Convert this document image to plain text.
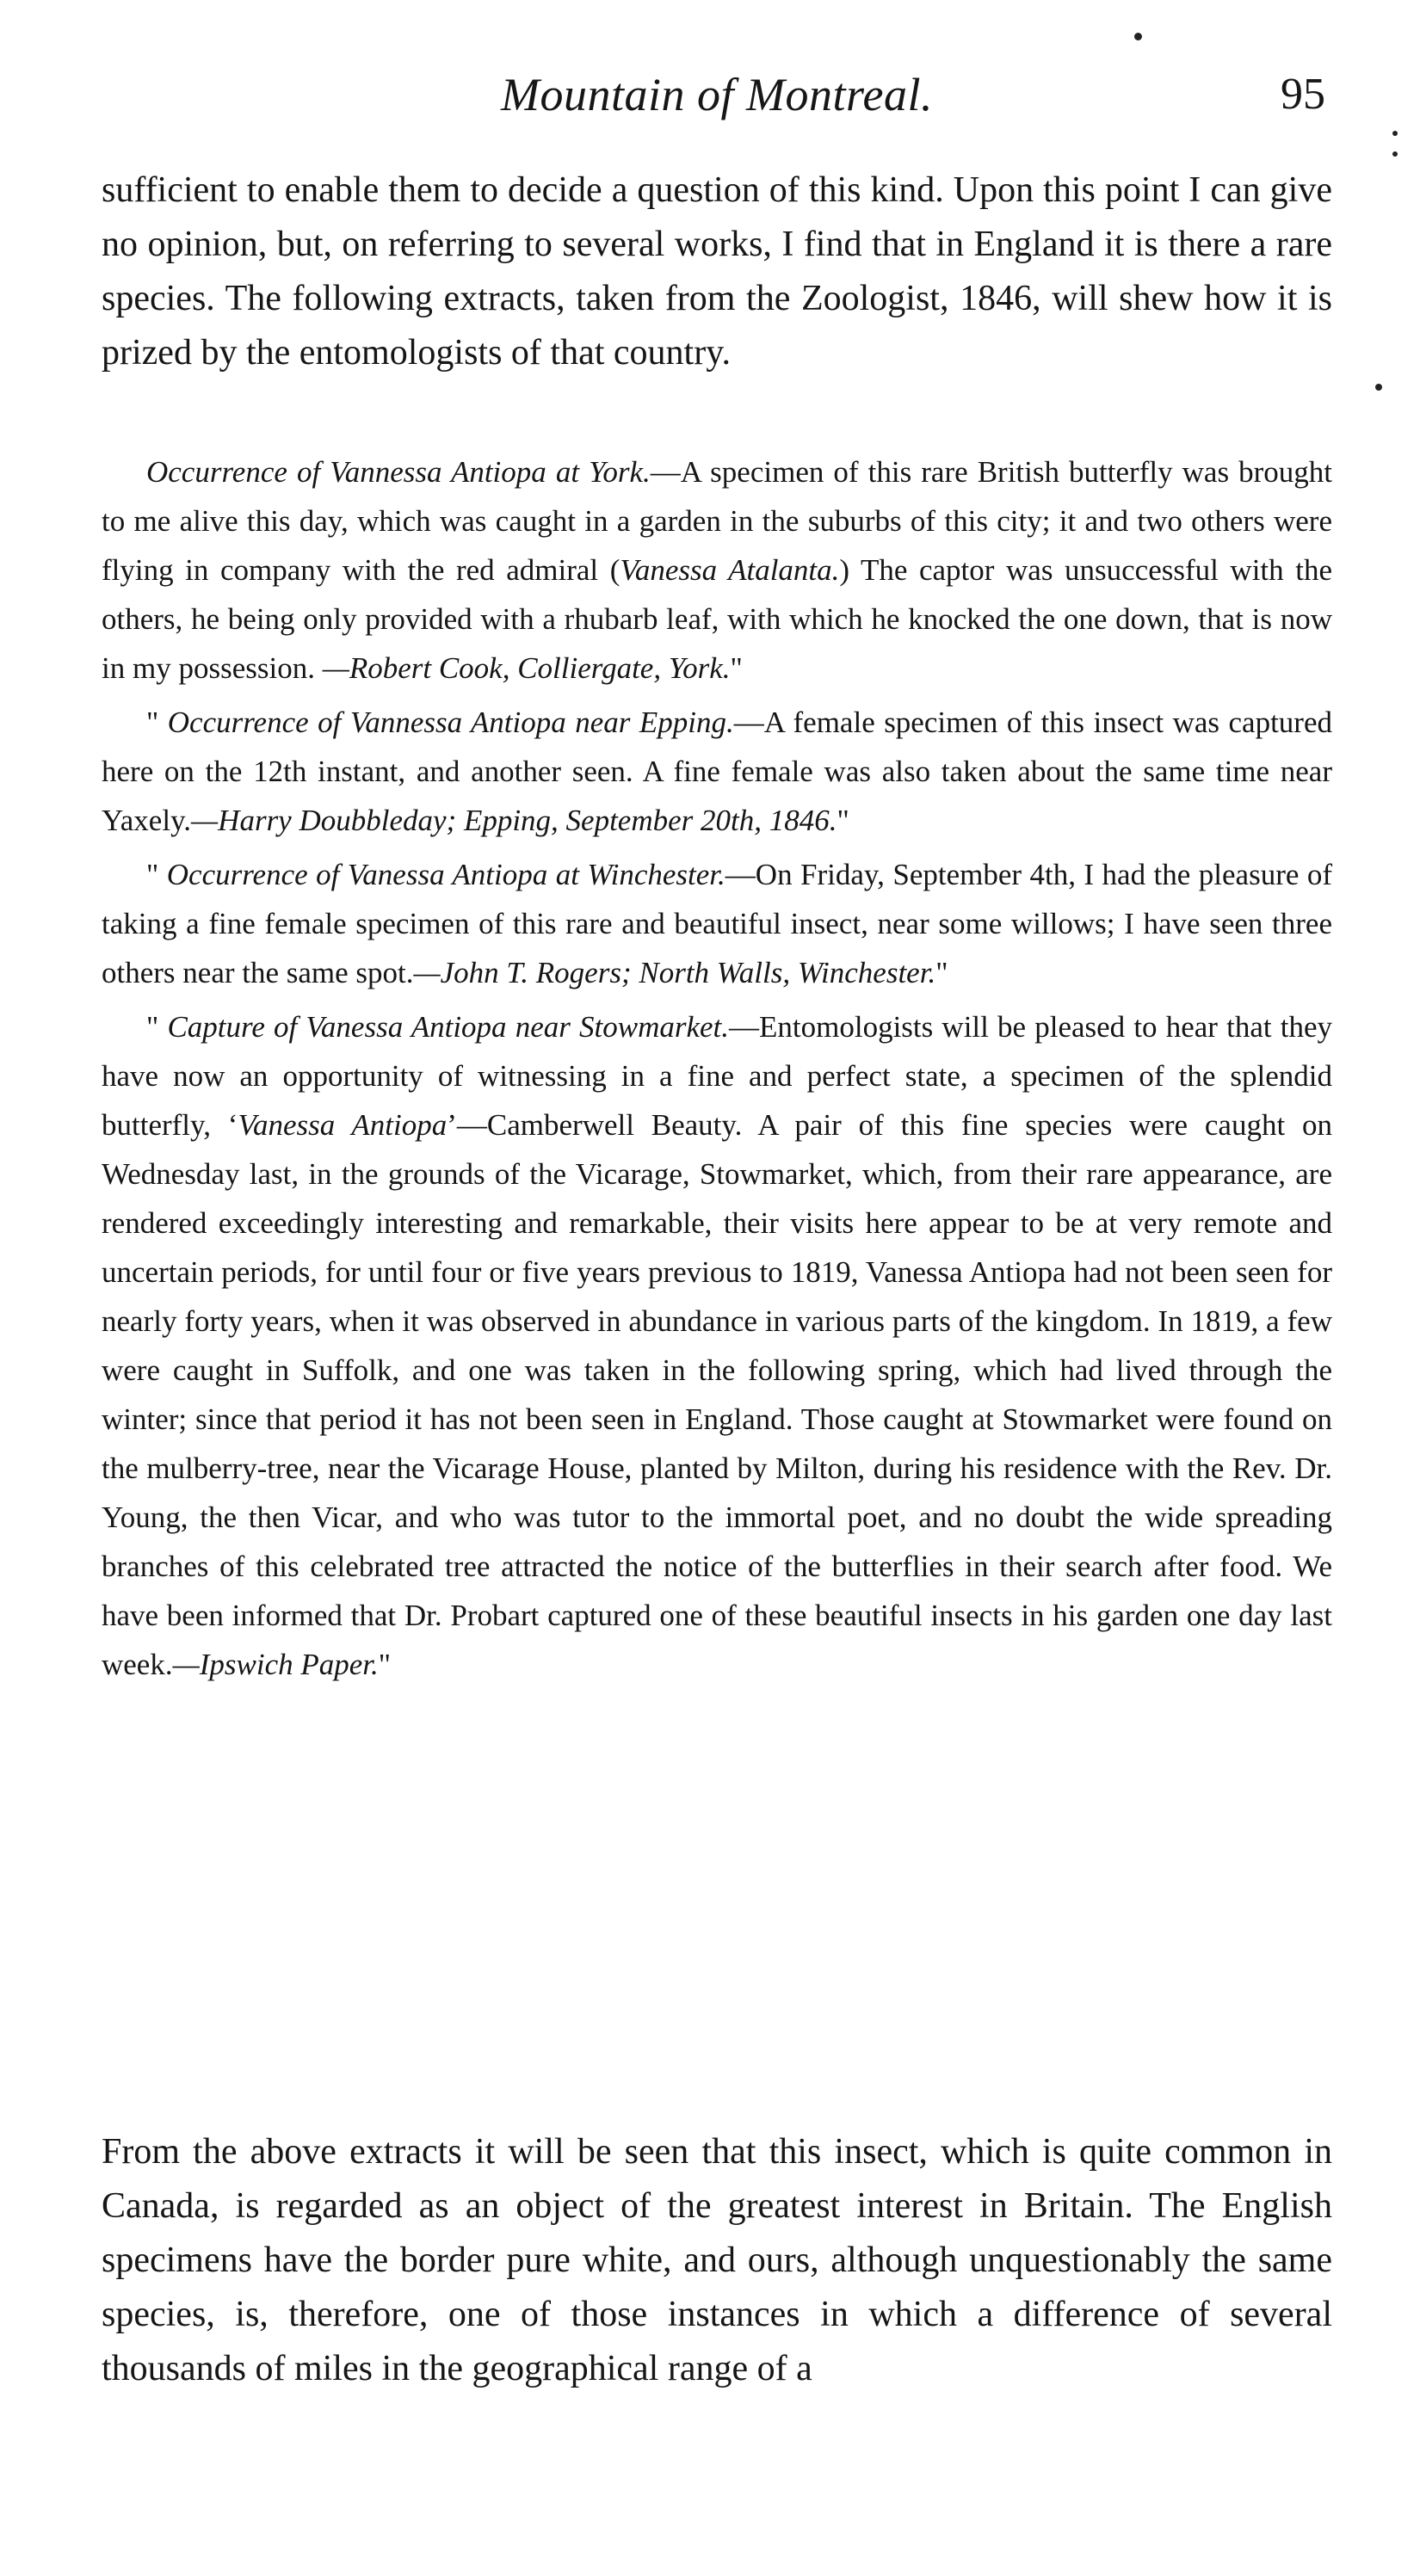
Mountain of Montreal.	95

sufficient to enable them to decide a question of this kind. Upon this point I can give no opinion, but, on referring to several works, I find that in England it is there a rare species. The following extracts, taken from the Zoologist, 1846, will shew how it is prized by the entomologists of that country.

Occurrence of Vannessa Antiopa at York.—A specimen of this rare British butterfly was brought to me alive this day, which was caught in a garden in the suburbs of this city; it and two others were flying in company with the red admiral (Vanessa Atalanta.) The captor was unsuccessful with the others, he being only provided with a rhubarb leaf, with which he knocked the one down, that is now in my possession. —Robert Cook, Colliergate, York."

" Occurrence of Vannessa Antiopa near Epping.—A female specimen of this insect was captured here on the 12th instant, and another seen. A fine female was also taken about the same time near Yaxely.—Harry Doubbleday; Epping, September 20th, 1846."

" Occurrence of Vanessa Antiopa at Winchester.—On Friday, September 4th, I had the pleasure of taking a fine female specimen of this rare and beautiful insect, near some willows; I have seen three others near the same spot.—John T. Rogers; North Walls, Winchester."

" Capture of Vanessa Antiopa near Stowmarket.—Entomologists will be pleased to hear that they have now an opportunity of witnessing in a fine and perfect state, a specimen of the splendid butterfly, ‘Vanessa Antiopa’—Camberwell Beauty. A pair of this fine species were caught on Wednesday last, in the grounds of the Vicarage, Stowmarket, which, from their rare appearance, are rendered exceedingly interesting and remarkable, their visits here appear to be at very remote and uncertain periods, for until four or five years previous to 1819, Vanessa Antiopa had not been seen for nearly forty years, when it was observed in abundance in various parts of the kingdom. In 1819, a few were caught in Suffolk, and one was taken in the following spring, which had lived through the winter; since that period it has not been seen in England. Those caught at Stowmarket were found on the mulberry-tree, near the Vicarage House, planted by Milton, during his residence with the Rev. Dr. Young, the then Vicar, and who was tutor to the immortal poet, and no doubt the wide spreading branches of this celebrated tree attracted the notice of the butterflies in their search after food. We have been informed that Dr. Probart captured one of these beautiful insects in his garden one day last week.—Ipswich Paper."

From the above extracts it will be seen that this insect, which is quite common in Canada, is regarded as an object of the greatest interest in Britain. The English specimens have the border pure white, and ours, although unquestionably the same species, is, therefore, one of those instances in which a difference of several thousands of miles in the geographical range of a
